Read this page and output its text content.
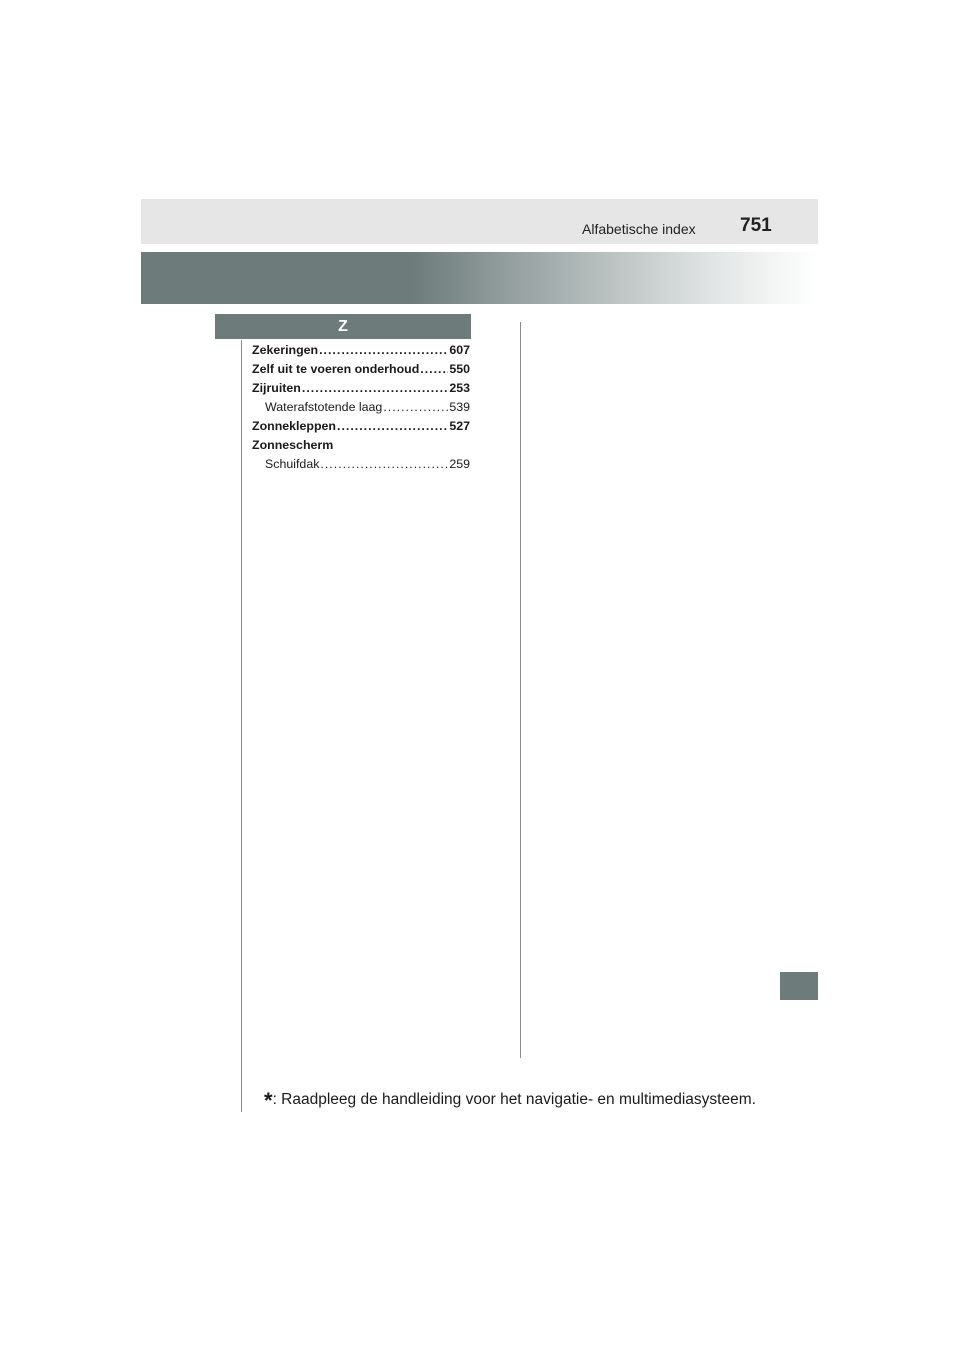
Alfabetische index 751
Z
Zekeringen .....	607
Zelf uit te voeren onderhoud ..... 550
Zijruiten .....	253
Waterafstotende laag .....	539
Zonnekleppen .....	527
Zonnescherm
Schuifdak .....	259
*: Raadpleeg de handleiding voor het navigatie- en multimediasysteem.
